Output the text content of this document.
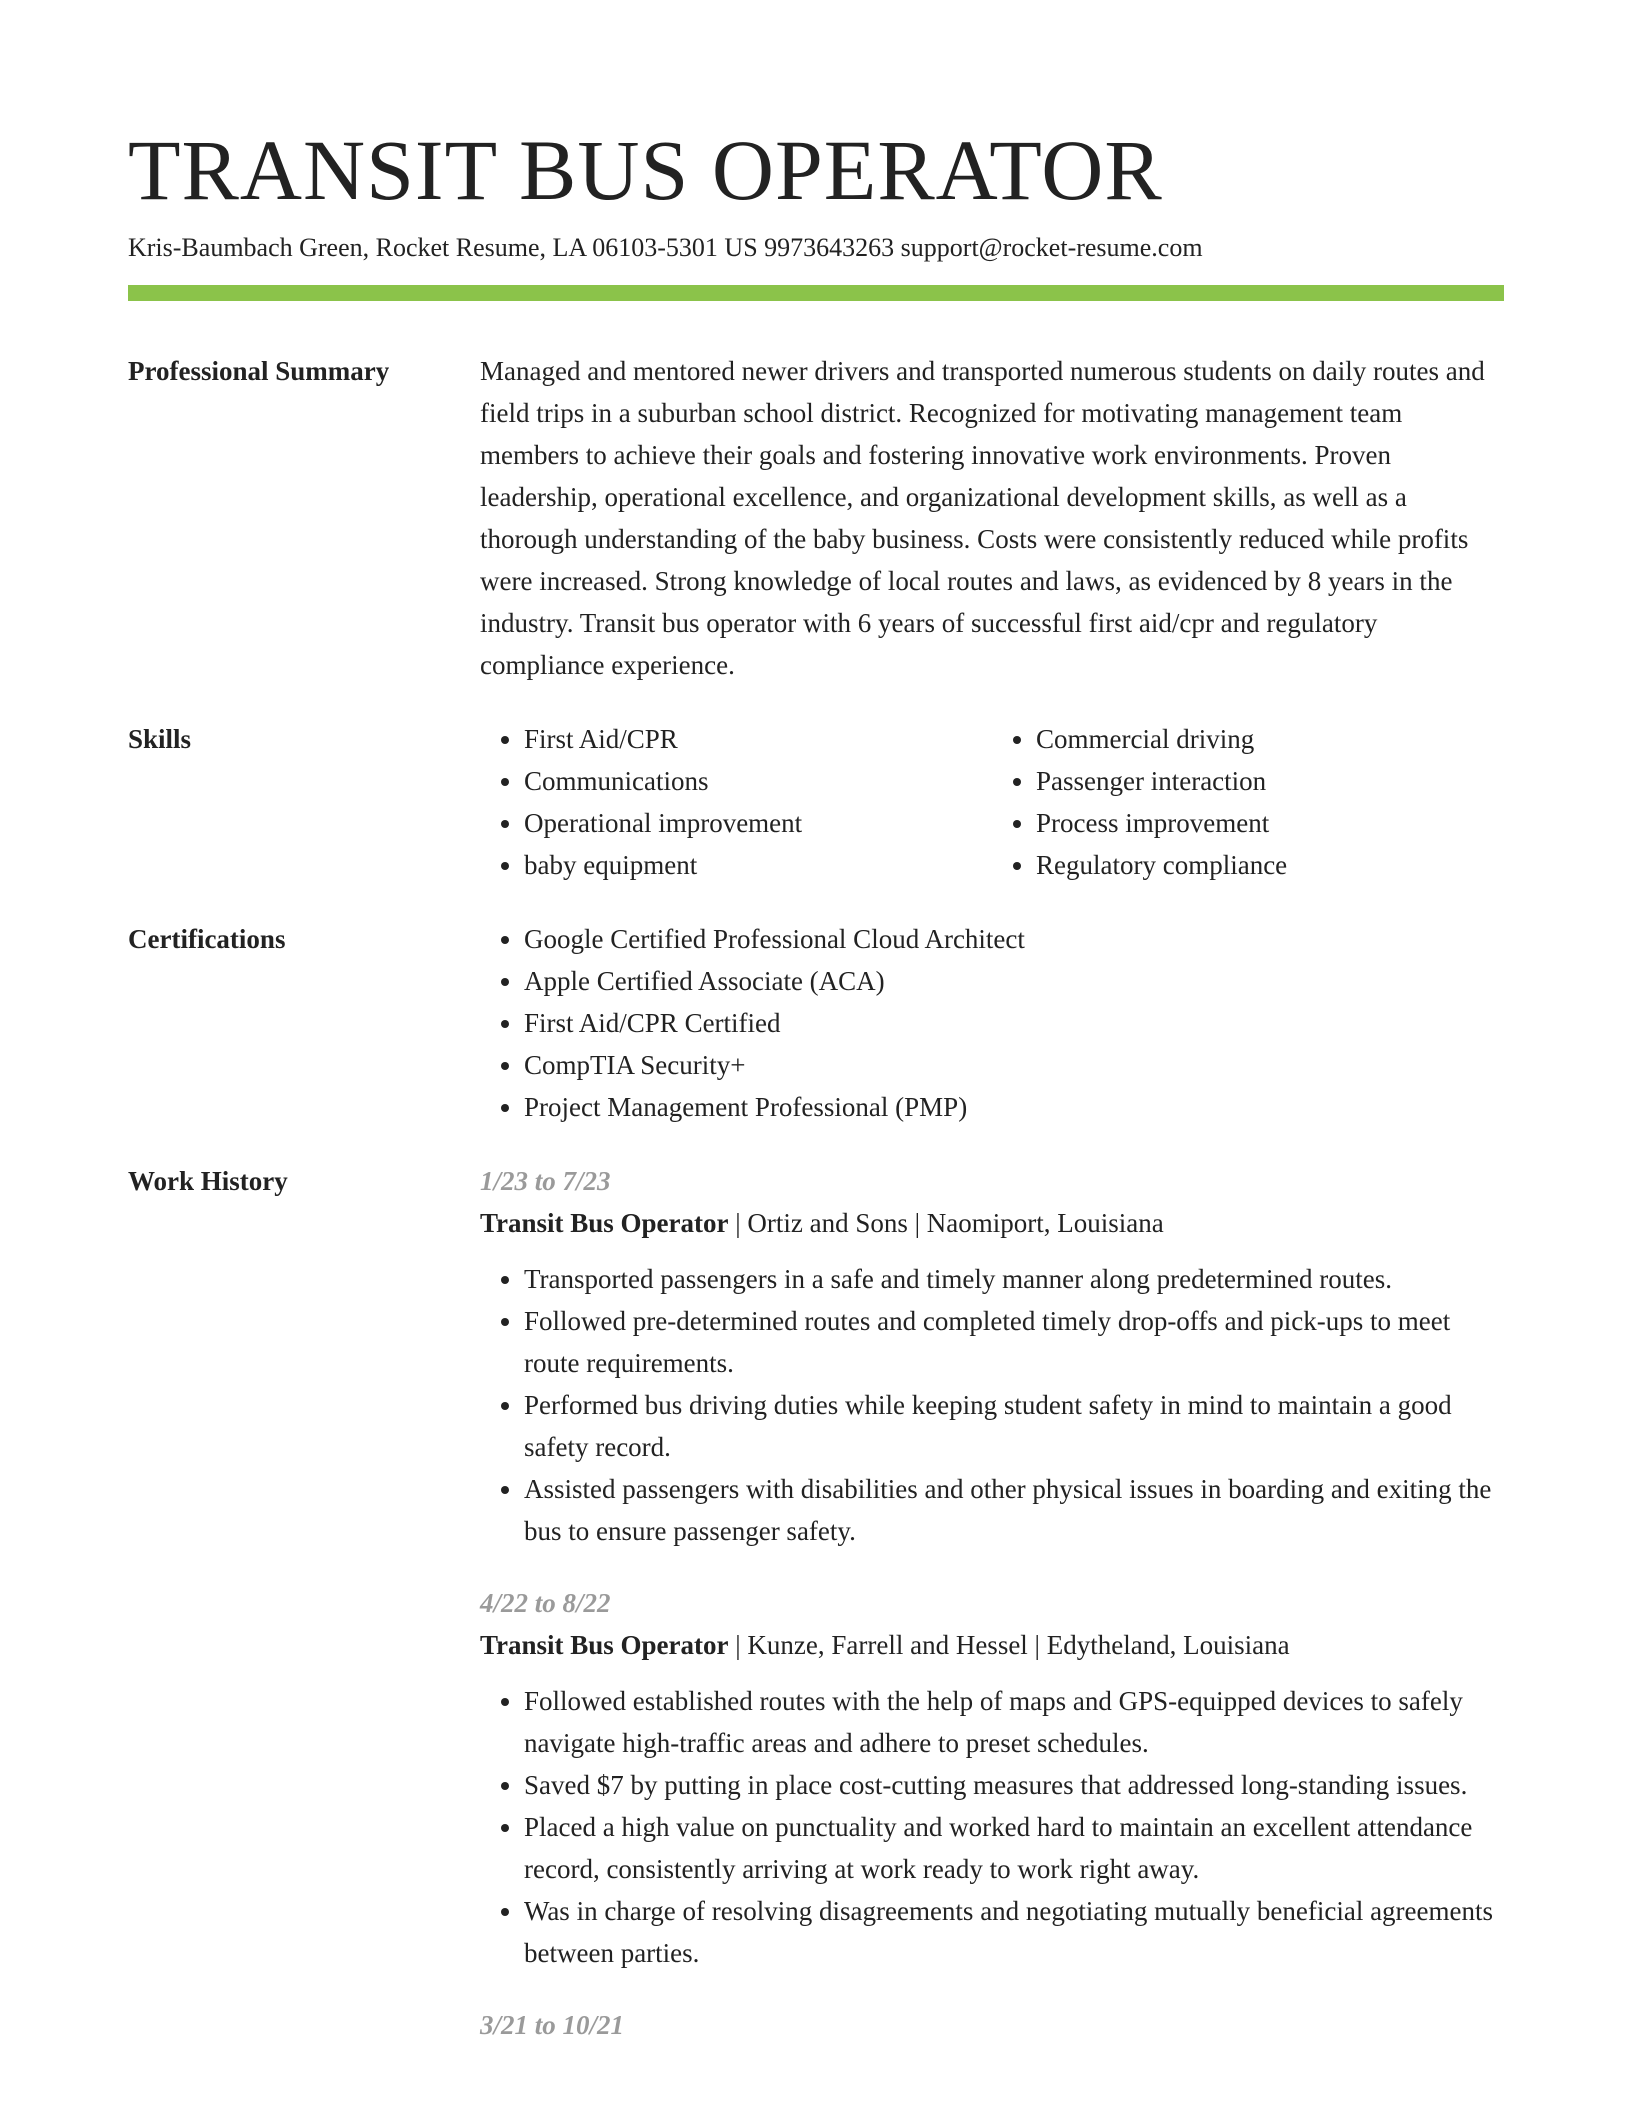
TRANSIT BUS OPERATOR
Kris-Baumbach Green, Rocket Resume, LA 06103-5301 US 9973643263 support@rocket-resume.com
Professional Summary	Managed and mentored newer drivers and transported numerous students on daily routes and field trips in a suburban school district. Recognized for motivating management team members to achieve their goals and fostering innovative work environments. Proven leadership, operational excellence, and organizational development skills, as well as a thorough understanding of the baby business. Costs were consistently reduced while profits were increased. Strong knowledge of local routes and laws, as evidenced by 8 years in the industry. Transit bus operator with 6 years of successful first aid/cpr and regulatory compliance experience.

Skills	• First Aid/CPR
• Communications
• Operational improvement
• baby equipment
• Commercial driving
• Passenger interaction
• Process improvement
• Regulatory compliance
Certifications	• Google Certified Professional Cloud Architect
• Apple Certified Associate (ACA)
• First Aid/CPR Certified
• CompTIA Security+
• Project Management Professional (PMP)
Work History	1/23 to 7/23
Transit Bus Operator | Ortiz and Sons | Naomiport, Louisiana
• Transported passengers in a safe and timely manner along predetermined routes.
• Followed pre-determined routes and completed timely drop-offs and pick-ups to meet route requirements.
• Performed bus driving duties while keeping student safety in mind to maintain a good safety record.
• Assisted passengers with disabilities and other physical issues in boarding and exiting the bus to ensure passenger safety.
4/22 to 8/22
Transit Bus Operator | Kunze, Farrell and Hessel | Edytheland, Louisiana
• Followed established routes with the help of maps and GPS-equipped devices to safely navigate high-traffic areas and adhere to preset schedules.
• Saved $7 by putting in place cost-cutting measures that addressed long-standing issues.
• Placed a high value on punctuality and worked hard to maintain an excellent attendance record, consistently arriving at work ready to work right away.
• Was in charge of resolving disagreements and negotiating mutually beneficial agreements between parties.
3/21 to 10/21
